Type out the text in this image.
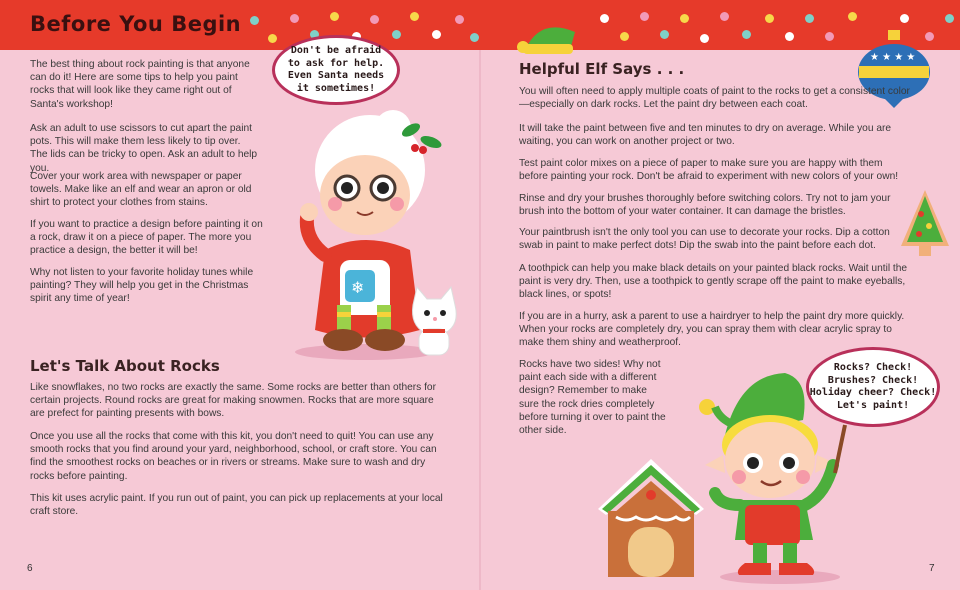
Before You Begin

The best thing about rock painting is that anyone can do it! Here are some tips to help you paint rocks that will look like they came right out of Santa's workshop!

Ask an adult to use scissors to cut apart the paint pots. This will make them less likely to tip over. The lids can be tricky to open. Ask an adult to help you.

Cover your work area with newspaper or paper towels. Make like an elf and wear an apron or old shirt to protect your clothes from stains.

If you want to practice a design before painting it on a rock, draw it on a piece of paper. The more you practice a design, the better it will be!

Why not listen to your favorite holiday tunes while painting? They will help you get in the Christmas spirit any time of year!

Don't be afraid
to ask for help.
Even Santa needs
it sometimes!
❄
Let's Talk About Rocks

Like snowflakes, no two rocks are exactly the same. Some rocks are better than others for certain projects. Round rocks are great for making snowmen. Rocks that are more square are prefect for painting presents with bows.

Once you use all the rocks that come with this kit, you don't need to quit! You can use any smooth rocks that you find around your yard, neighborhood, school, or craft store. You can find the smoothest rocks on beaches or in rivers or streams. Make sure to wash and dry rocks before painting.

This kit uses acrylic paint. If you run out of paint, you can pick up replacements at your local craft store.

6
★ ★ ★ ★
Helpful Elf Says . . .

You will often need to apply multiple coats of paint to the rocks to get a consistent color—especially on dark rocks. Let the paint dry between each coat.

It will take the paint between five and ten minutes to dry on average. While you are waiting, you can work on another project or two.

Test paint color mixes on a piece of paper to make sure you are happy with them before painting your rock. Don't be afraid to experiment with new colors of your own!

Rinse and dry your brushes thoroughly before switching colors. Try not to jam your brush into the bottom of your water container. It can damage the bristles.

Your paintbrush isn't the only tool you can use to decorate your rocks. Dip a cotton swab in paint to make perfect dots! Dip the swab into the paint before each dot.

A toothpick can help you make black details on your painted black rocks. Wait until the paint is very dry. Then, use a toothpick to gently scrape off the paint to make eyeballs, black lines, or spots!

If you are in a hurry, ask a parent to use a hairdryer to help the paint dry more quickly. When your rocks are completely dry, you can spray them with clear acrylic spray to make them shiny and weatherproof.

Rocks have two sides! Why not paint each side with a different design? Remember to make sure the rock dries completely before turning it over to paint the other side.

Rocks? Check!
Brushes? Check!
Holiday cheer? Check!
Let's paint!
7
